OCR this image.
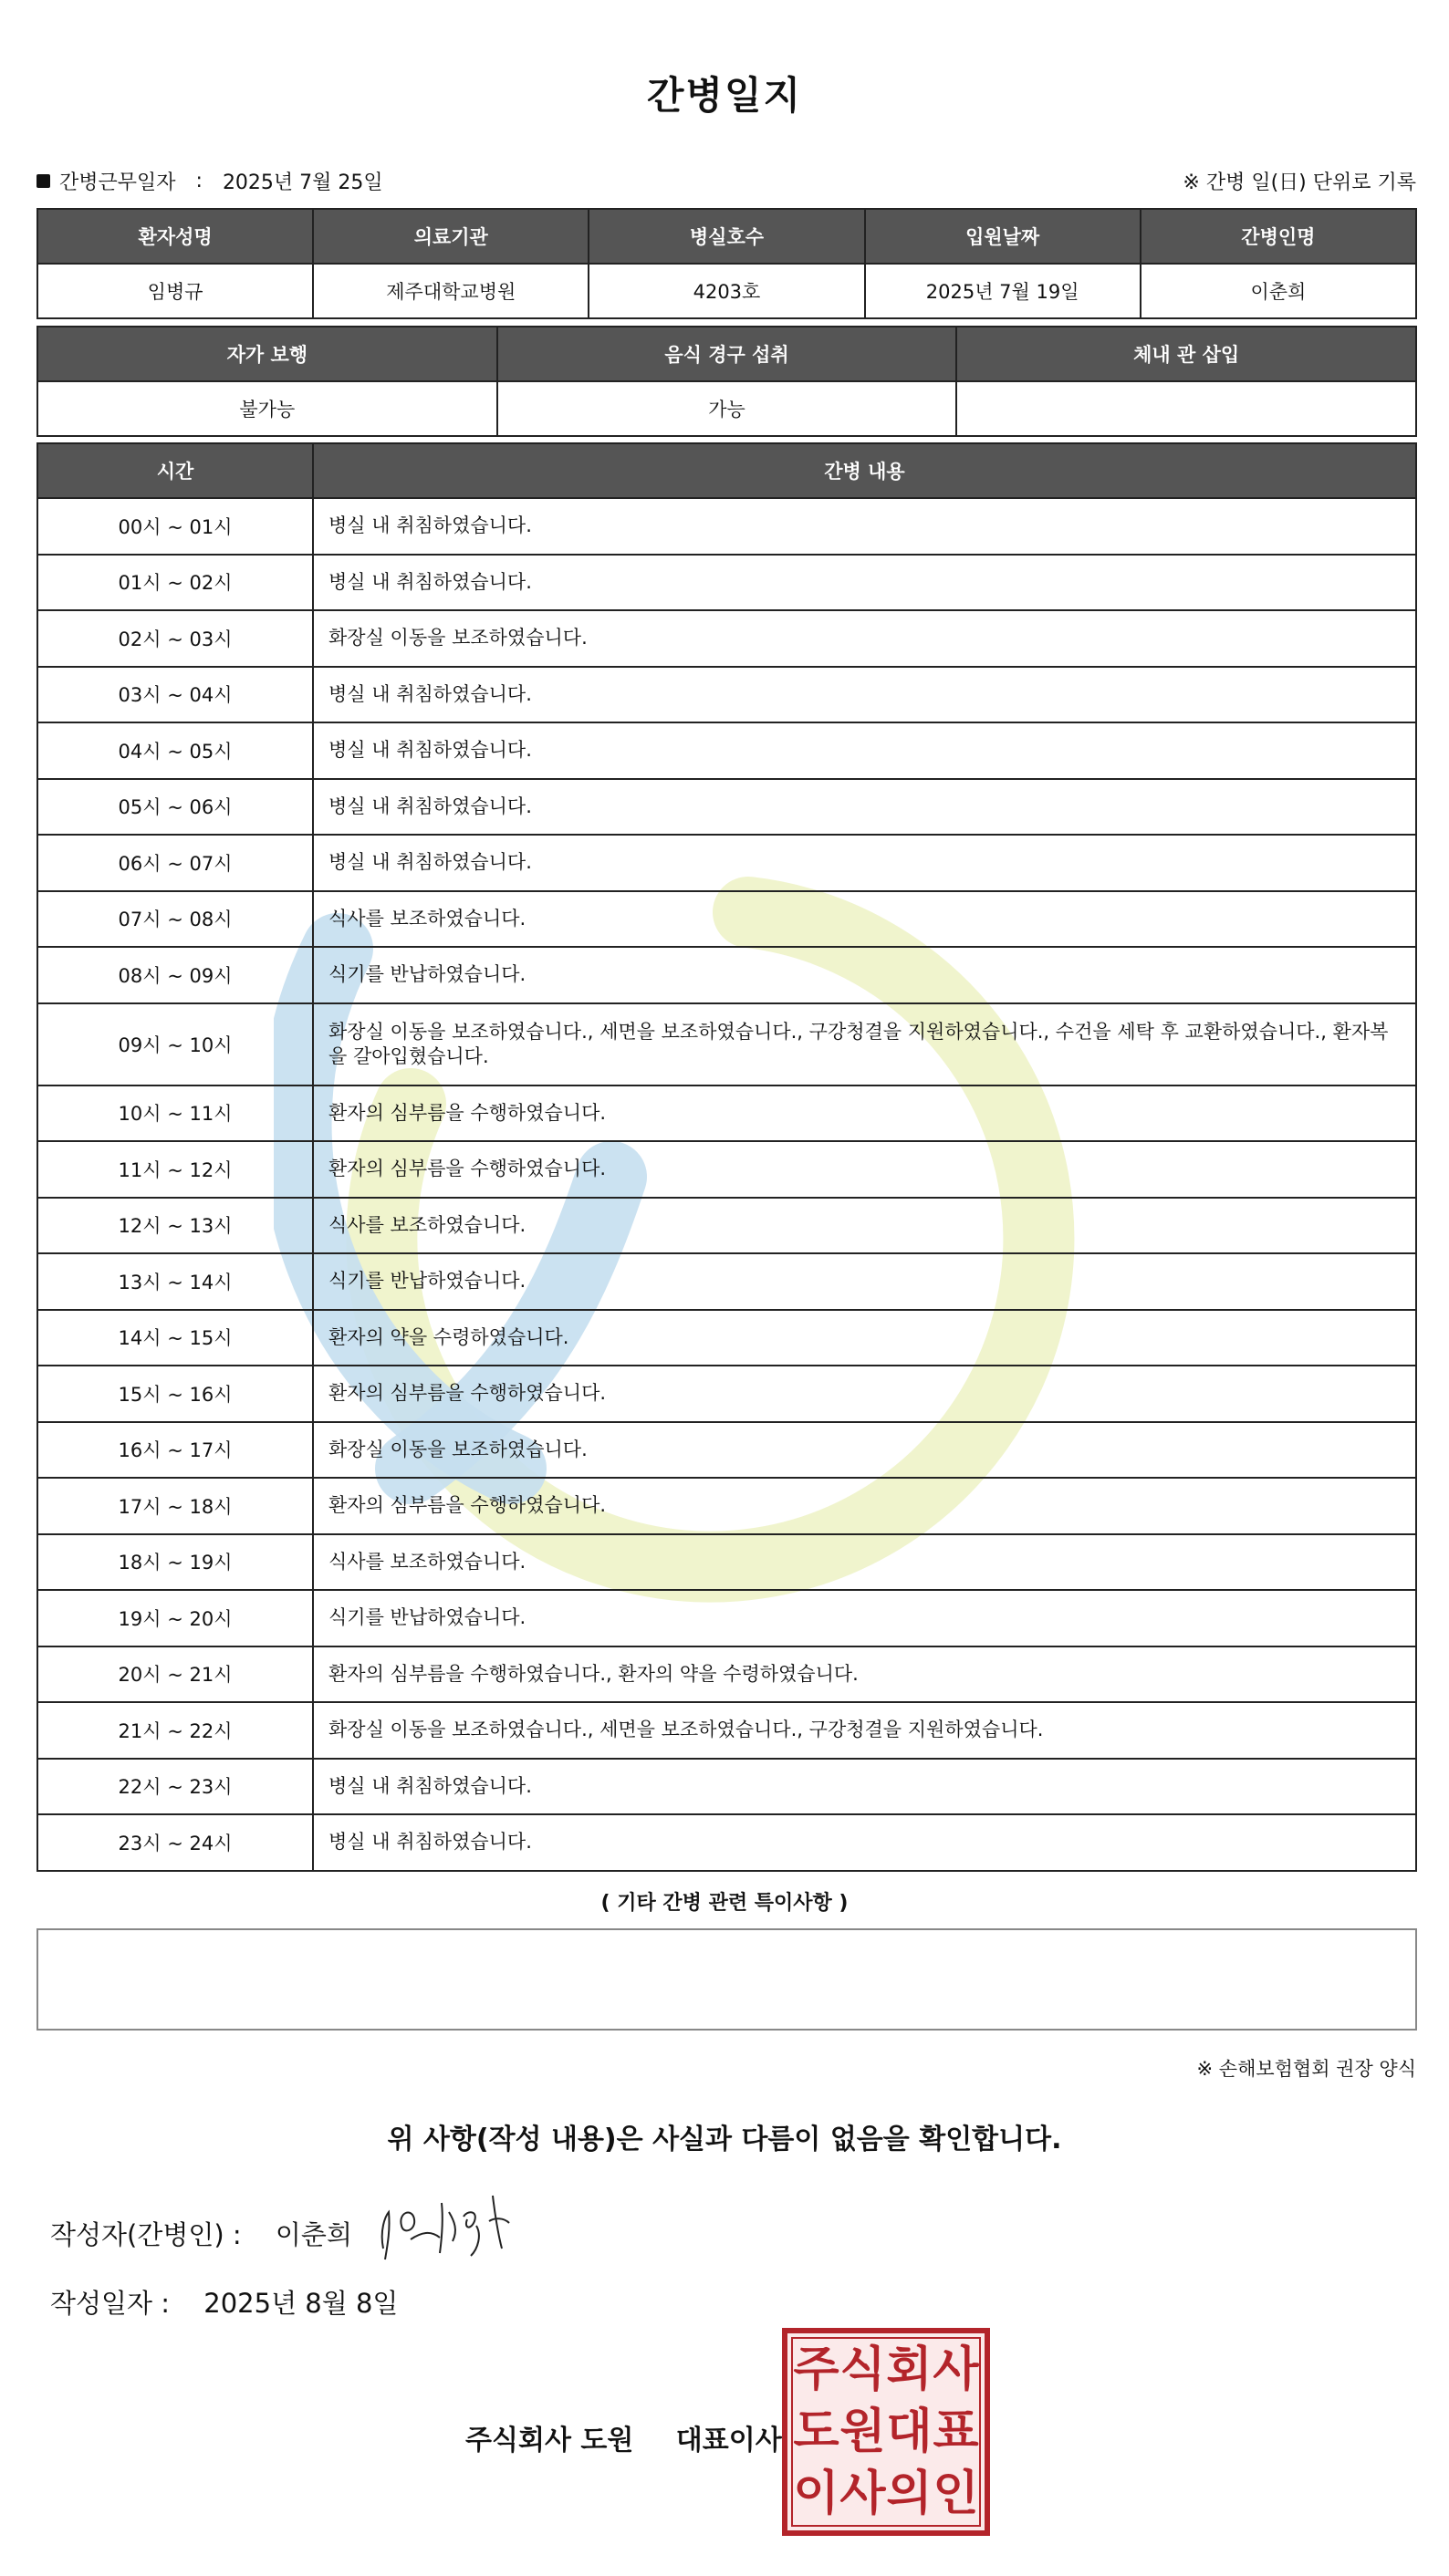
간병일지
간병근무일자 : 2025년 7월 25일	※ 간병 일(日) 단위로 기록
환자성명	의료기관	병실호수	입원날짜	간병인명
임병규	제주대학교병원	4203호	2025년 7월 19일	이춘희
자가 보행	음식 경구 섭취	체내 관 삽입
불가능	가능	
시간	간병 내용
00시 ~ 01시	병실 내 취침하였습니다.
01시 ~ 02시	병실 내 취침하였습니다.
02시 ~ 03시	화장실 이동을 보조하였습니다.
03시 ~ 04시	병실 내 취침하였습니다.
04시 ~ 05시	병실 내 취침하였습니다.
05시 ~ 06시	병실 내 취침하였습니다.
06시 ~ 07시	병실 내 취침하였습니다.
07시 ~ 08시	식사를 보조하였습니다.
08시 ~ 09시	식기를 반납하였습니다.
09시 ~ 10시	화장실 이동을 보조하였습니다., 세면을 보조하였습니다., 구강청결을 지원하였습니다., 수건을 세탁 후 교환하였습니다., 환자복을 갈아입혔습니다.
10시 ~ 11시	환자의 심부름을 수행하였습니다.
11시 ~ 12시	환자의 심부름을 수행하였습니다.
12시 ~ 13시	식사를 보조하였습니다.
13시 ~ 14시	식기를 반납하였습니다.
14시 ~ 15시	환자의 약을 수령하였습니다.
15시 ~ 16시	환자의 심부름을 수행하였습니다.
16시 ~ 17시	화장실 이동을 보조하였습니다.
17시 ~ 18시	환자의 심부름을 수행하였습니다.
18시 ~ 19시	식사를 보조하였습니다.
19시 ~ 20시	식기를 반납하였습니다.
20시 ~ 21시	환자의 심부름을 수행하였습니다., 환자의 약을 수령하였습니다.
21시 ~ 22시	화장실 이동을 보조하였습니다., 세면을 보조하였습니다., 구강청결을 지원하였습니다.
22시 ~ 23시	병실 내 취침하였습니다.
23시 ~ 24시	병실 내 취침하였습니다.
( 기타 간병 관련 특이사항 )
※ 손해보험협회 권장 양식
위 사항(작성 내용)은 사실과 다름이 없음을 확인합니다.
작성자(간병인) : 이춘희
작성일자 : 2025년 8월 8일
주식회사 도원 대표이사
주 식 회 사
도 원 대 표
이 사 의 인
